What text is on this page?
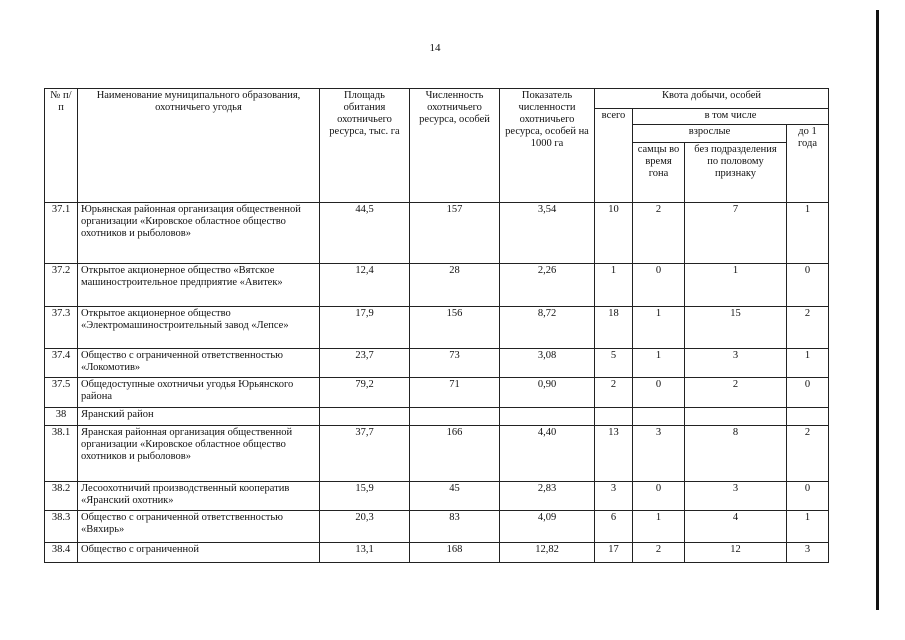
14
№ п/п	Наименование муниципального образования, охотничьего угодья	Площадь обитания охотничьего ресурса, тыс. га	Численность охотничьего ресурса, особей	Показатель численности охотничьего ресурса, особей на 1000 га	Квота добычи, особей			
					всего	в том числе		
						взрослые		до 1 года
						самцы во время гона	без подразделения по половому признаку	
37.1	Юрьянская районная организация общественной организации «Кировское областное общество охотников и рыболовов»	44,5	157	3,54	10	2	7	1
37.2	Открытое акционерное общество «Вятское машиностроительное предприятие «Авитек»	12,4	28	2,26	1	0	1	0
37.3	Открытое акционерное общество «Электромашиностроительный завод «Лепсе»	17,9	156	8,72	18	1	15	2
37.4	Общество с ограниченной ответственностью «Локомотив»	23,7	73	3,08	5	1	3	1
37.5	Общедоступные охотничьи угодья Юрьянского района	79,2	71	0,90	2	0	2	0
38	Яранский район							
38.1	Яранская районная организация общественной организации «Кировское областное общество охотников и рыболовов»	37,7	166	4,40	13	3	8	2
38.2	Лесоохотничий производственный кооператив «Яранский охотник»	15,9	45	2,83	3	0	3	0
38.3	Общество с ограниченной ответственностью «Вяхирь»	20,3	83	4,09	6	1	4	1
38.4	Общество с ограниченной	13,1	168	12,82	17	2	12	3
